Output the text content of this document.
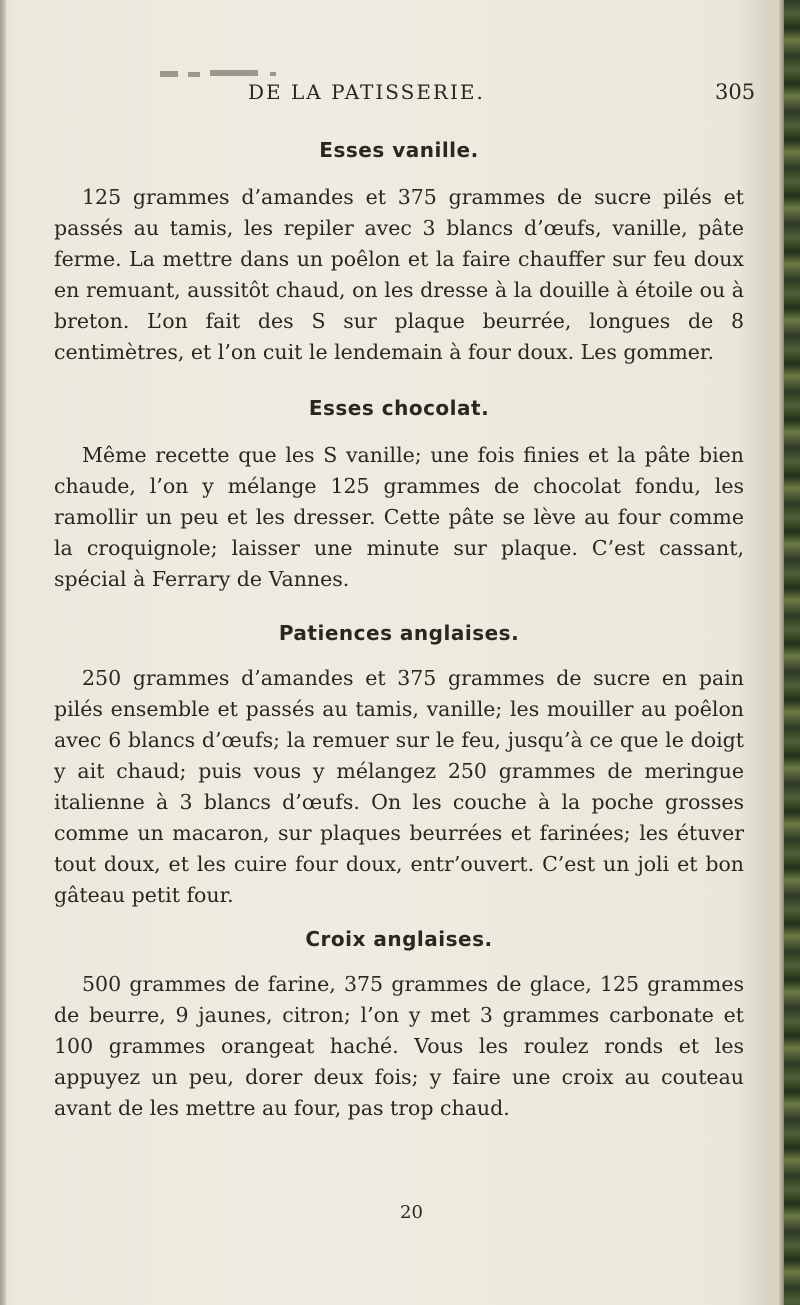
DE LA PATISSERIE.	305
Esses vanille.

125 grammes d’amandes et 375 grammes de sucre pilés et passés au tamis, les repiler avec 3 blancs d’œufs, vanille, pâte ferme. La mettre dans un poêlon et la faire chauffer sur feu doux en remuant, aussitôt chaud, on les dresse à la douille à étoile ou à breton. L’on fait des S sur plaque beurrée, longues de 8 centimètres, et l’on cuit le lendemain à four doux. Les gommer.

Esses chocolat.

Même recette que les S vanille; une fois finies et la pâte bien chaude, l’on y mélange 125 grammes de chocolat fondu, les ramollir un peu et les dresser. Cette pâte se lève au four comme la croquignole; laisser une minute sur plaque. C’est cassant, spécial à Ferrary de Vannes.

Patiences anglaises.

250 grammes d’amandes et 375 grammes de sucre en pain pilés ensemble et passés au tamis, vanille; les mouiller au poêlon avec 6 blancs d’œufs; la remuer sur le feu, jusqu’à ce que le doigt y ait chaud; puis vous y mélangez 250 grammes de meringue italienne à 3 blancs d’œufs. On les couche à la poche grosses comme un macaron, sur plaques beurrées et farinées; les étuver tout doux, et les cuire four doux, entr’ouvert. C’est un joli et bon gâteau petit four.

Croix anglaises.

500 grammes de farine, 375 grammes de glace, 125 grammes de beurre, 9 jaunes, citron; l’on y met 3 grammes carbonate et 100 grammes orangeat haché. Vous les roulez ronds et les appuyez un peu, dorer deux fois; y faire une croix au couteau avant de les mettre au four, pas trop chaud.

20
